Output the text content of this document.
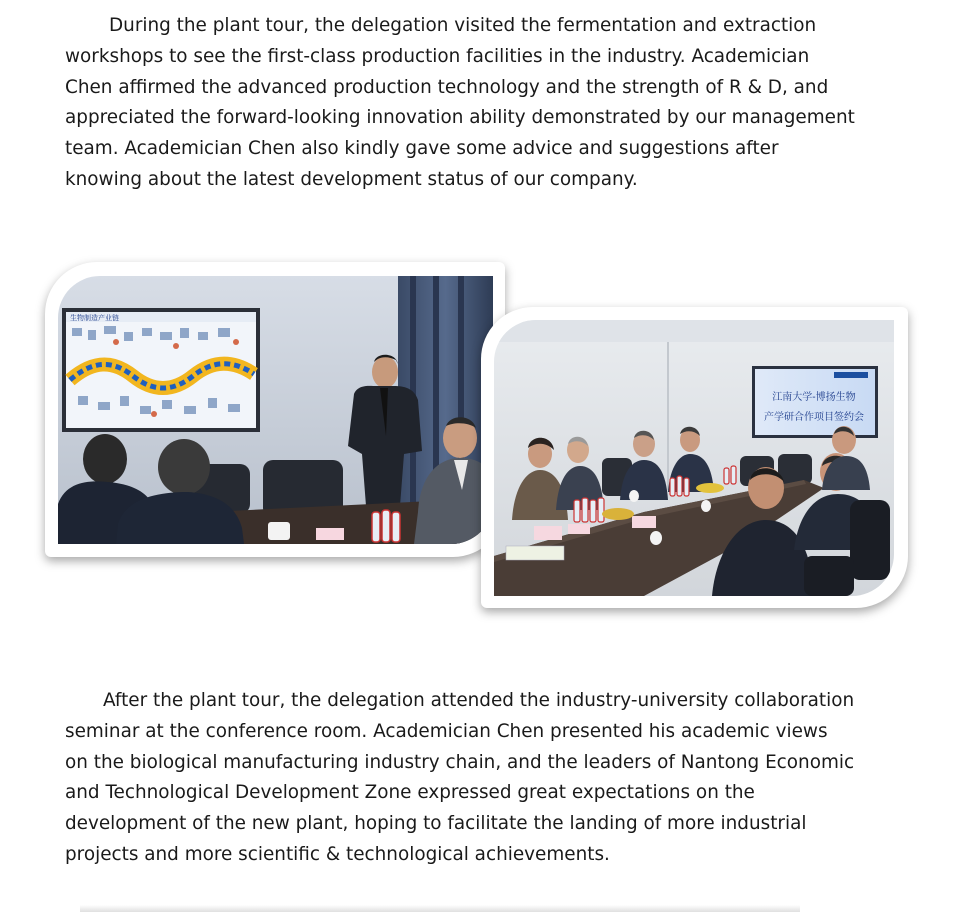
During the plant tour, the delegation visited the fermentation and extraction workshops to see the first-class production facilities in the industry. Academician Chen affirmed the advanced production technology and the strength of R & D, and appreciated the forward-looking innovation ability demonstrated by our management team. Academician Chen also kindly gave some advice and suggestions after knowing about the latest development status of our company.

生物制造产业链
江南大学-博扬生物
产学研合作项目签约会

After the plant tour, the delegation attended the industry-university collaboration seminar at the conference room. Academician Chen presented his academic views on the biological manufacturing industry chain, and the leaders of Nantong Economic and Technological Development Zone expressed great expectations on the development of the new plant, hoping to facilitate the landing of more industrial projects and more scientific & technological achievements.
